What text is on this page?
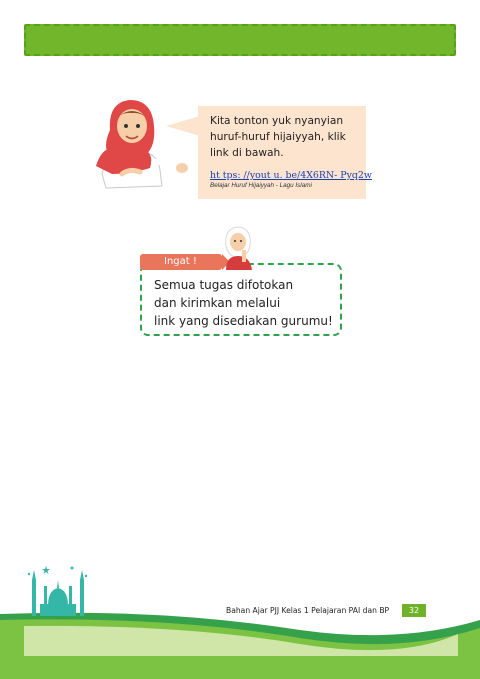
Kita tonton yuk nyanyian
huruf-huruf hijaiyyah, klik
link di bawah.

ht tps: //yout u. be/4X6RN- Pyq2w
Belajar Huruf Hijaiyyah - Lagu Islami
Ingat !

Semua tugas difotokan
dan kirimkan melalui
link yang disediakan gurumu!

Bahan Ajar PJJ Kelas 1 Pelajaran PAI dan BP	32
